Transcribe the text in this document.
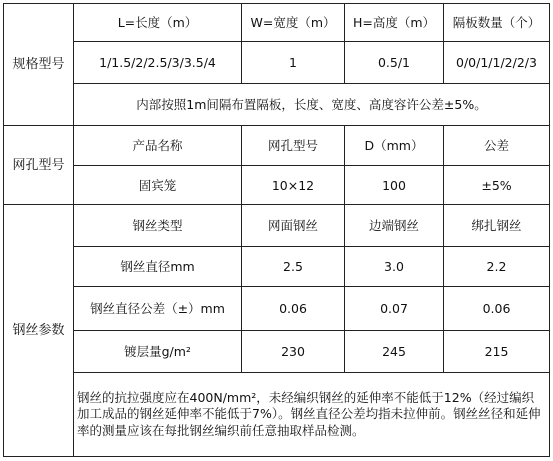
规格型号	L=长度（m）	W=宽度（m）	H=高度（m）	隔板数量（个）
	1/1.5/2/2.5/3/3.5/4	1	0.5/1	0/0/1/1/2/2/3
	内部按照1m间隔布置隔板，长度、宽度、高度容许公差±5%。			
网孔型号	产品名称	网孔型号	D（mm）	公差
	固宾笼	10×12	100	±5%
钢丝参数	钢丝类型	网面钢丝	边端钢丝	绑扎钢丝
	钢丝直径mm	2.5	3.0	2.2
	钢丝直径公差（±）mm	0.06	0.07	0.06
	镀层量g/m²	230	245	215
	钢丝的抗拉强度应在400N/mm²，未经编织钢丝的延伸率不能低于12%（经过编织加工成品的钢丝延伸率不能低于7%）。钢丝直径公差均指未拉伸前。钢丝丝径和延伸率的测量应该在每批钢丝编织前任意抽取样品检测。			
